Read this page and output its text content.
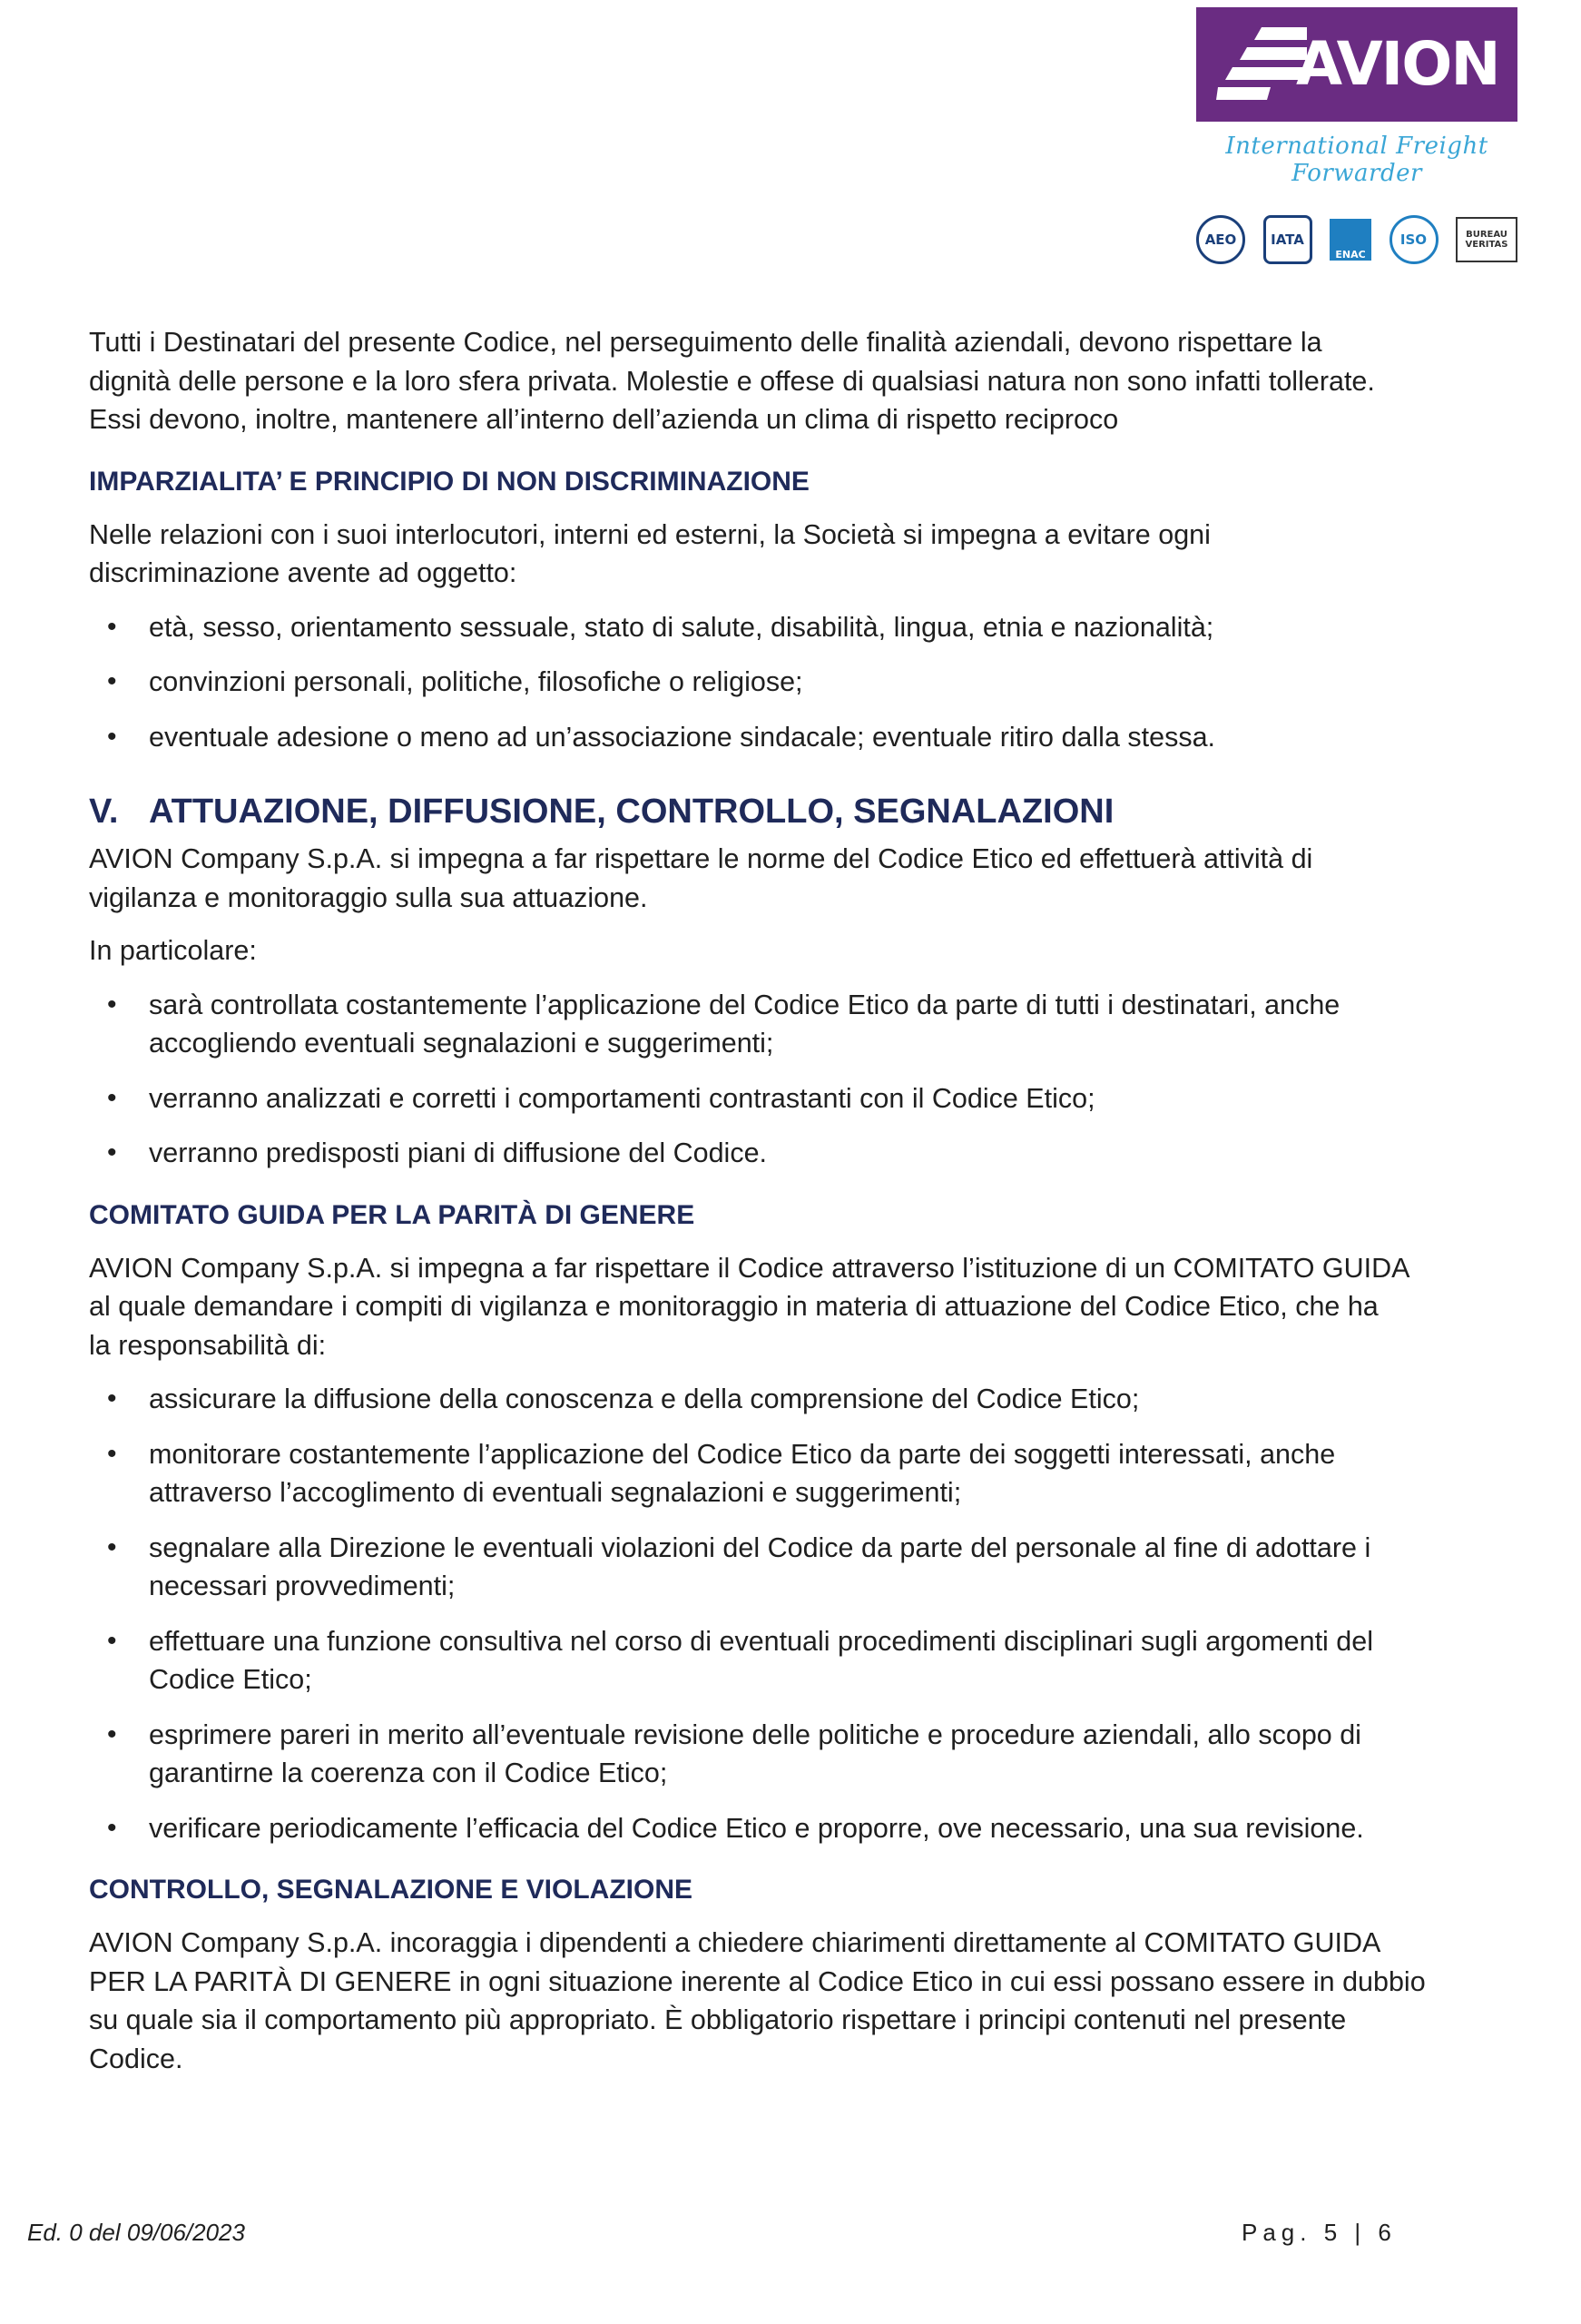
AVION
International Freight Forwarder
AEO	IATA
ENAC
ISO	BUREAU VERITAS
Tutti i Destinatari del presente Codice, nel perseguimento delle finalità aziendali, devono rispettare la
dignità delle persone e la loro sfera privata. Molestie e offese di qualsiasi natura non sono infatti tollerate.
Essi devono, inoltre, mantenere all’interno dell’azienda un clima di rispetto reciproco
IMPARZIALITA’ E PRINCIPIO DI NON DISCRIMINAZIONE
Nelle relazioni con i suoi interlocutori, interni ed esterni, la Società si impegna a evitare ogni
discriminazione avente ad oggetto:
• età, sesso, orientamento sessuale, stato di salute, disabilità, lingua, etnia e nazionalità;
• convinzioni personali, politiche, filosofiche o religiose;
• eventuale adesione o meno ad un’associazione sindacale; eventuale ritiro dalla stessa.
V. ATTUAZIONE, DIFFUSIONE, CONTROLLO, SEGNALAZIONI
AVION Company S.p.A. si impegna a far rispettare le norme del Codice Etico ed effettuerà attività di
vigilanza e monitoraggio sulla sua attuazione.
In particolare:
• sarà controllata costantemente l’applicazione del Codice Etico da parte di tutti i destinatari, anche
accogliendo eventuali segnalazioni e suggerimenti;
• verranno analizzati e corretti i comportamenti contrastanti con il Codice Etico;
• verranno predisposti piani di diffusione del Codice.
COMITATO GUIDA PER LA PARITÀ DI GENERE
AVION Company S.p.A. si impegna a far rispettare il Codice attraverso l’istituzione di un COMITATO GUIDA
al quale demandare i compiti di vigilanza e monitoraggio in materia di attuazione del Codice Etico, che ha
la responsabilità di:
• assicurare la diffusione della conoscenza e della comprensione del Codice Etico;
• monitorare costantemente l’applicazione del Codice Etico da parte dei soggetti interessati, anche
attraverso l’accoglimento di eventuali segnalazioni e suggerimenti;
• segnalare alla Direzione le eventuali violazioni del Codice da parte del personale al fine di adottare i
necessari provvedimenti;
• effettuare una funzione consultiva nel corso di eventuali procedimenti disciplinari sugli argomenti del
Codice Etico;
• esprimere pareri in merito all’eventuale revisione delle politiche e procedure aziendali, allo scopo di
garantirne la coerenza con il Codice Etico;
• verificare periodicamente l’efficacia del Codice Etico e proporre, ove necessario, una sua revisione.
CONTROLLO, SEGNALAZIONE E VIOLAZIONE
AVION Company S.p.A. incoraggia i dipendenti a chiedere chiarimenti direttamente al COMITATO GUIDA
PER LA PARITÀ DI GENERE in ogni situazione inerente al Codice Etico in cui essi possano essere in dubbio
su quale sia il comportamento più appropriato. È obbligatorio rispettare i principi contenuti nel presente
Codice.
Ed. 0 del 09/06/2023	Pag. 5 | 6
